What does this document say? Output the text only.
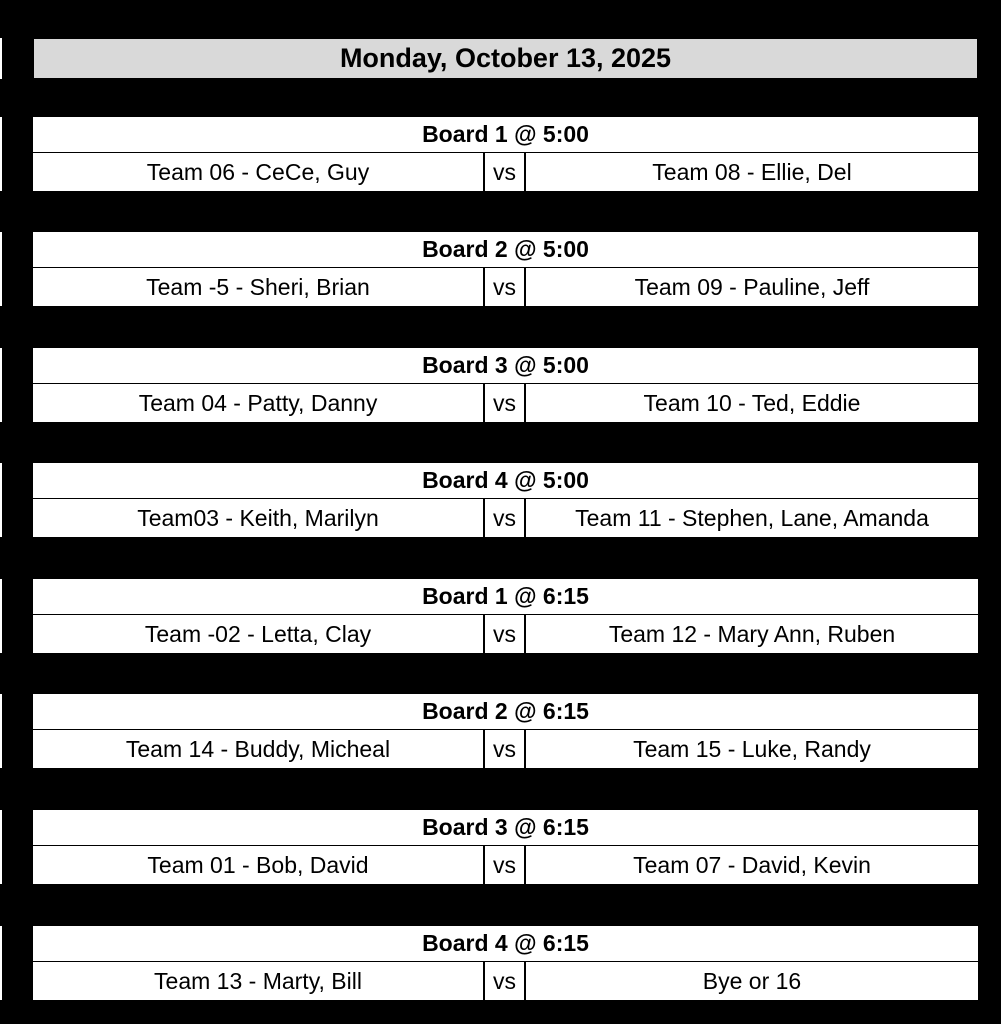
Monday, October 13, 2025
Board 1 @ 5:00
Team 06 - CeCe, Guy	vs	Team 08 - Ellie, Del
Board 2 @ 5:00
Team -5 - Sheri, Brian	vs	Team 09 - Pauline, Jeff
Board 3 @ 5:00
Team 04 - Patty, Danny	vs	Team 10 - Ted, Eddie
Board 4 @ 5:00
Team03 - Keith, Marilyn	vs	Team 11 - Stephen, Lane, Amanda
Board 1 @ 6:15
Team -02 - Letta, Clay	vs	Team 12 - Mary Ann, Ruben
Board 2 @ 6:15
Team 14 - Buddy, Micheal	vs	Team 15 - Luke, Randy
Board 3 @ 6:15
Team 01 - Bob, David	vs	Team 07 - David, Kevin
Board 4 @ 6:15
Team 13 - Marty, Bill	vs	Bye or 16
